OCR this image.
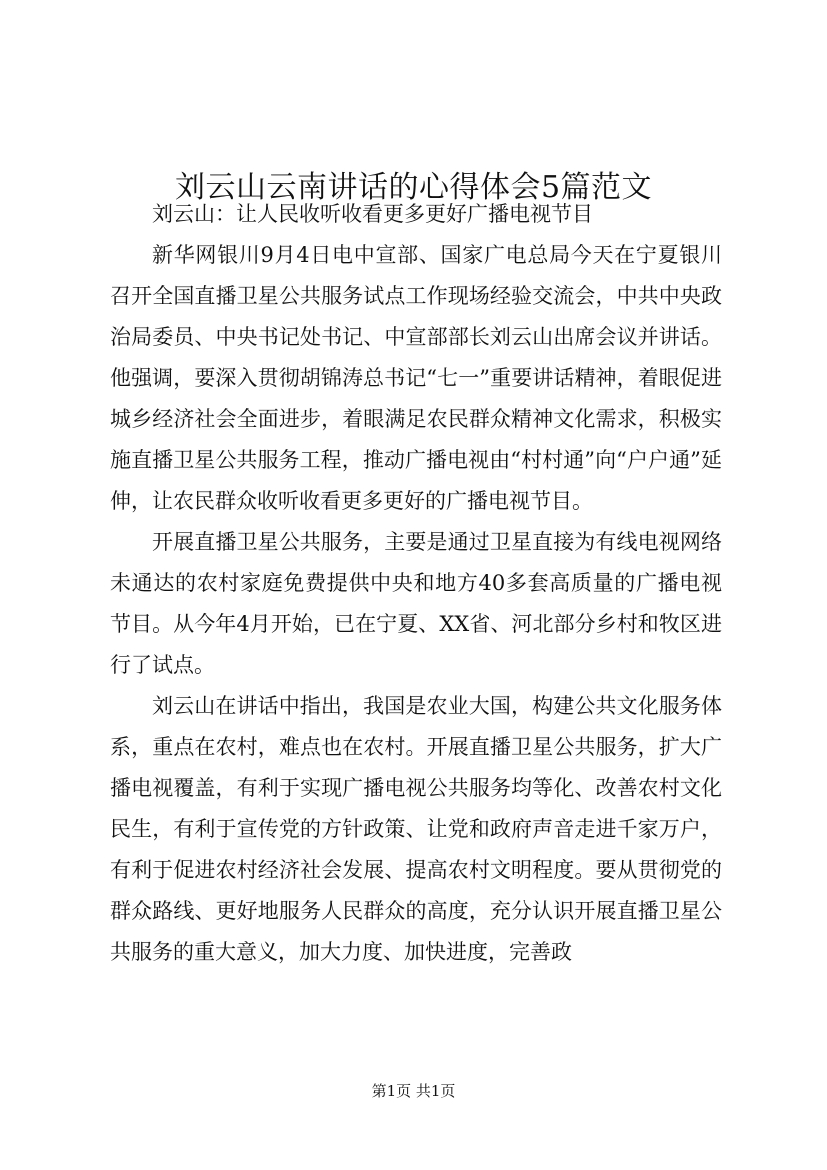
刘云山云南讲话的心得体会5篇范文

刘云山：让人民收听收看更多更好广播电视节目

新华网银川9月4日电中宣部、国家广电总局今天在宁夏银川召开全国直播卫星公共服务试点工作现场经验交流会，中共中央政治局委员、中央书记处书记、中宣部部长刘云山出席会议并讲话。他强调，要深入贯彻胡锦涛总书记“七一”重要讲话精神，着眼促进城乡经济社会全面进步，着眼满足农民群众精神文化需求，积极实施直播卫星公共服务工程，推动广播电视由“村村通”向“户户通”延伸，让农民群众收听收看更多更好的广播电视节目。

开展直播卫星公共服务，主要是通过卫星直接为有线电视网络未通达的农村家庭免费提供中央和地方40多套高质量的广播电视节目。从今年4月开始，已在宁夏、XX省、河北部分乡村和牧区进行了试点。

刘云山在讲话中指出，我国是农业大国，构建公共文化服务体系，重点在农村，难点也在农村。开展直播卫星公共服务，扩大广播电视覆盖，有利于实现广播电视公共服务均等化、改善农村文化民生，有利于宣传党的方针政策、让党和政府声音走进千家万户，有利于促进农村经济社会发展、提高农村文明程度。要从贯彻党的群众路线、更好地服务人民群众的高度，充分认识开展直播卫星公共服务的重大意义，加大力度、加快进度，完善政

第1页 共1页
